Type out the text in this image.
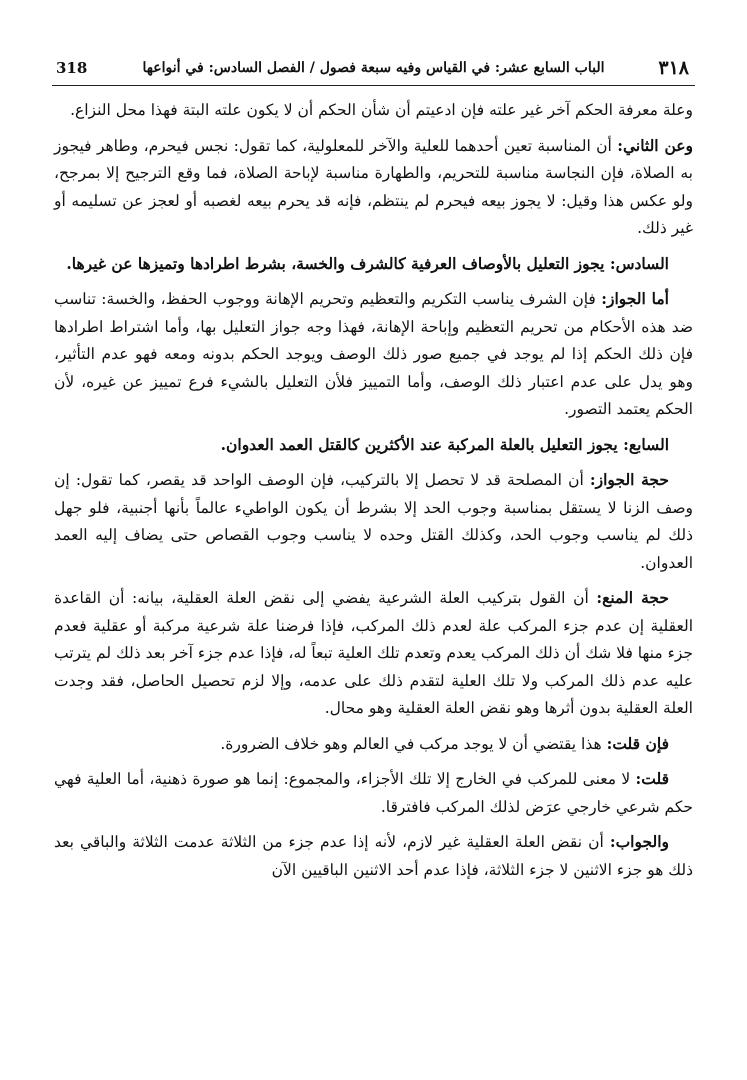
٣١٨
الباب السابع عشر: في القياس وفيه سبعة فصول / الفصل السادس: في أنواعها
318

وعلة معرفة الحكم آخر غير علته فإن ادعيتم أن شأن الحكم أن لا يكون علته البتة فهذا محل النزاع.

وعن الثاني: أن المناسبة تعين أحدهما للعلية والآخر للمعلولية، كما تقول: نجس فيحرم، وطاهر فيجوز به الصلاة، فإن النجاسة مناسبة للتحريم، والطهارة مناسبة لإباحة الصلاة، فما وقع الترجيح إلا بمرجح، ولو عكس هذا وقيل: لا يجوز بيعه فيحرم لم ينتظم، فإنه قد يحرم بيعه لغصبه أو لعجز عن تسليمه أو غير ذلك.

السادس: يجوز التعليل بالأوصاف العرفية كالشرف والخسة، بشرط اطرادها وتميزها عن غيرها.

أما الجواز: فإن الشرف يناسب التكريم والتعظيم وتحريم الإهانة ووجوب الحفظ، والخسة: تناسب ضد هذه الأحكام من تحريم التعظيم وإباحة الإهانة، فهذا وجه جواز التعليل بها، وأما اشتراط اطرادها فإن ذلك الحكم إذا لم يوجد في جميع صور ذلك الوصف ويوجد الحكم بدونه ومعه فهو عدم التأثير، وهو يدل على عدم اعتبار ذلك الوصف، وأما التمييز فلأن التعليل بالشيء فرع تمييز عن غيره، لأن الحكم يعتمد التصور.

السابع: يجوز التعليل بالعلة المركبة عند الأكثرين كالقتل العمد العدوان.

حجة الجواز: أن المصلحة قد لا تحصل إلا بالتركيب، فإن الوصف الواحد قد يقصر، كما تقول: إن وصف الزنا لا يستقل بمناسبة وجوب الحد إلا بشرط أن يكون الواطيء عالماً بأنها أجنبية، فلو جهل ذلك لم يناسب وجوب الحد، وكذلك القتل وحده لا يناسب وجوب القصاص حتى يضاف إليه العمد العدوان.

حجة المنع: أن القول بتركيب العلة الشرعية يفضي إلى نقض العلة العقلية، بيانه: أن القاعدة العقلية إن عدم جزء المركب علة لعدم ذلك المركب، فإذا فرضنا علة شرعية مركبة أو عقلية فعدم جزء منها فلا شك أن ذلك المركب يعدم وتعدم تلك العلية تبعاً له، فإذا عدم جزء آخر بعد ذلك لم يترتب عليه عدم ذلك المركب ولا تلك العلية لتقدم ذلك على عدمه، وإلا لزم تحصيل الحاصل، فقد وجدت العلة العقلية بدون أثرها وهو نقض العلة العقلية وهو محال.

فإن قلت: هذا يقتضي أن لا يوجد مركب في العالم وهو خلاف الضرورة.

قلت: لا معنى للمركب في الخارج إلا تلك الأجزاء، والمجموع: إنما هو صورة ذهنية، أما العلية فهي حكم شرعي خارجي عرَض لذلك المركب فافترقا.

والجواب: أن نقض العلة العقلية غير لازم، لأنه إذا عدم جزء من الثلاثة عدمت الثلاثة والباقي بعد ذلك هو جزء الاثنين لا جزء الثلاثة، فإذا عدم أحد الاثنين الباقيين الآن
